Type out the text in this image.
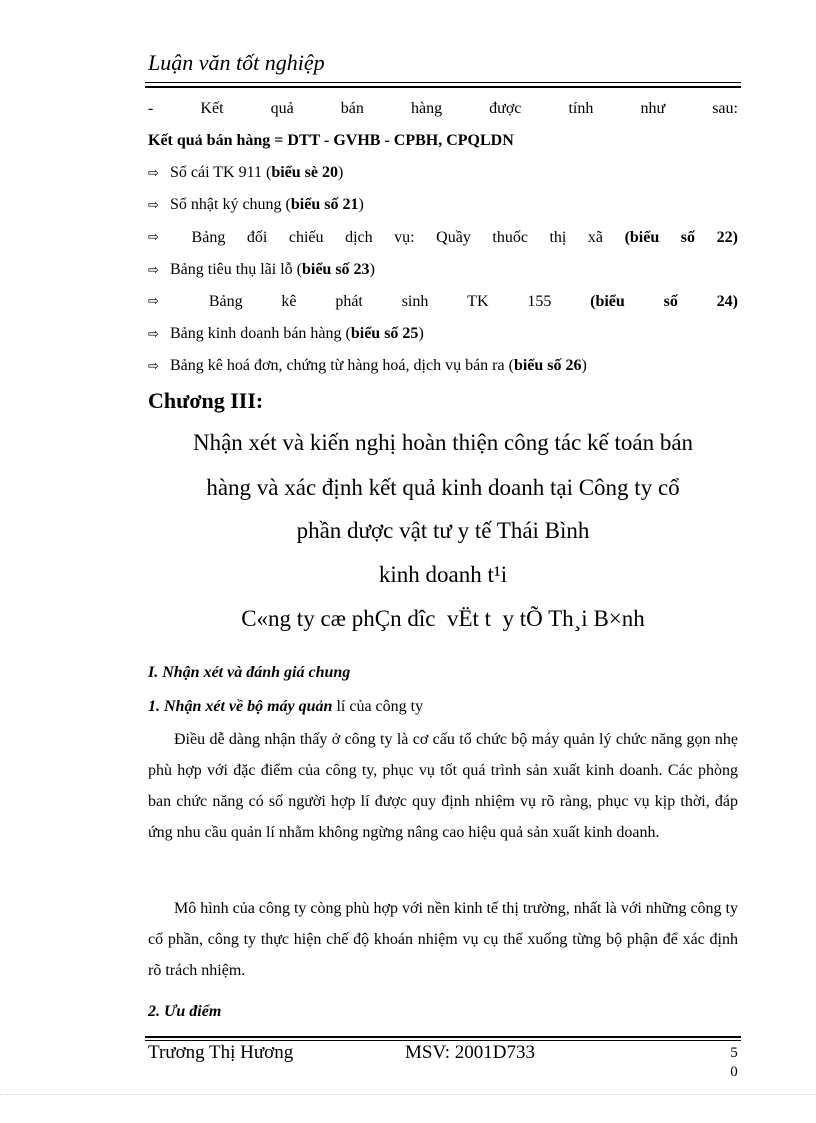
Luận văn tốt nghiệp
-	Kết	quả	bán	hàng	được	tính	như	sau:
Kết quả bán hàng = DTT - GVHB - CPBH, CPQLDN
⇨ Sổ cái TK 911 (biểu sè 20)
⇨ Sổ nhật ký chung (biểu số 21)
⇨	Bảng đối chiếu dịch vụ: Quầy thuốc thị xã (biểu số 22)
⇨ Bảng tiêu thụ lãi lỗ (biểu số 23)
⇨	Bảng kê phát sinh TK 155 (biểu số 24)
⇨ Bảng kinh doanh bán hàng (biểu số 25)
⇨ Bảng kê hoá đơn, chứng từ hàng hoá, dịch vụ bán ra (biểu số 26)
Chương III:
Nhận xét và kiến nghị hoàn thiện công tác kế toán bán
hàng và xác định kết quả kinh doanh tại Công ty cổ
phần dược vật tư y tế Thái Bình
kinh doanh t¹i
C«ng ty cæ phÇn dîc  vËt t  y tÕ Th¸i B×nh
I. Nhận xét và đánh giá chung
1. Nhận xét về bộ máy quản lí của công ty
Điều dễ dàng nhận thấy ở công ty là cơ cấu tổ chức bộ máy quản lý chức năng gọn nhẹ phù hợp với đặc điểm của công ty, phục vụ tốt quá trình sản xuất kinh doanh. Các phòng ban chức năng có số người hợp lí được quy định nhiệm vụ rõ ràng, phục vụ kịp thời, đáp ứng nhu cầu quản lí nhằm không ngừng nâng cao hiệu quả sản xuất kinh doanh.
Mô hình của công ty còng phù hợp với nền kinh tế thị trường, nhất là với những công ty cổ phần, công ty thực hiện chế độ khoán nhiệm vụ cụ thể xuống từng bộ phận để xác định rõ trách nhiệm.
2. Ưu điểm
Trương Thị Hương	MSV: 2001D733	5
0
